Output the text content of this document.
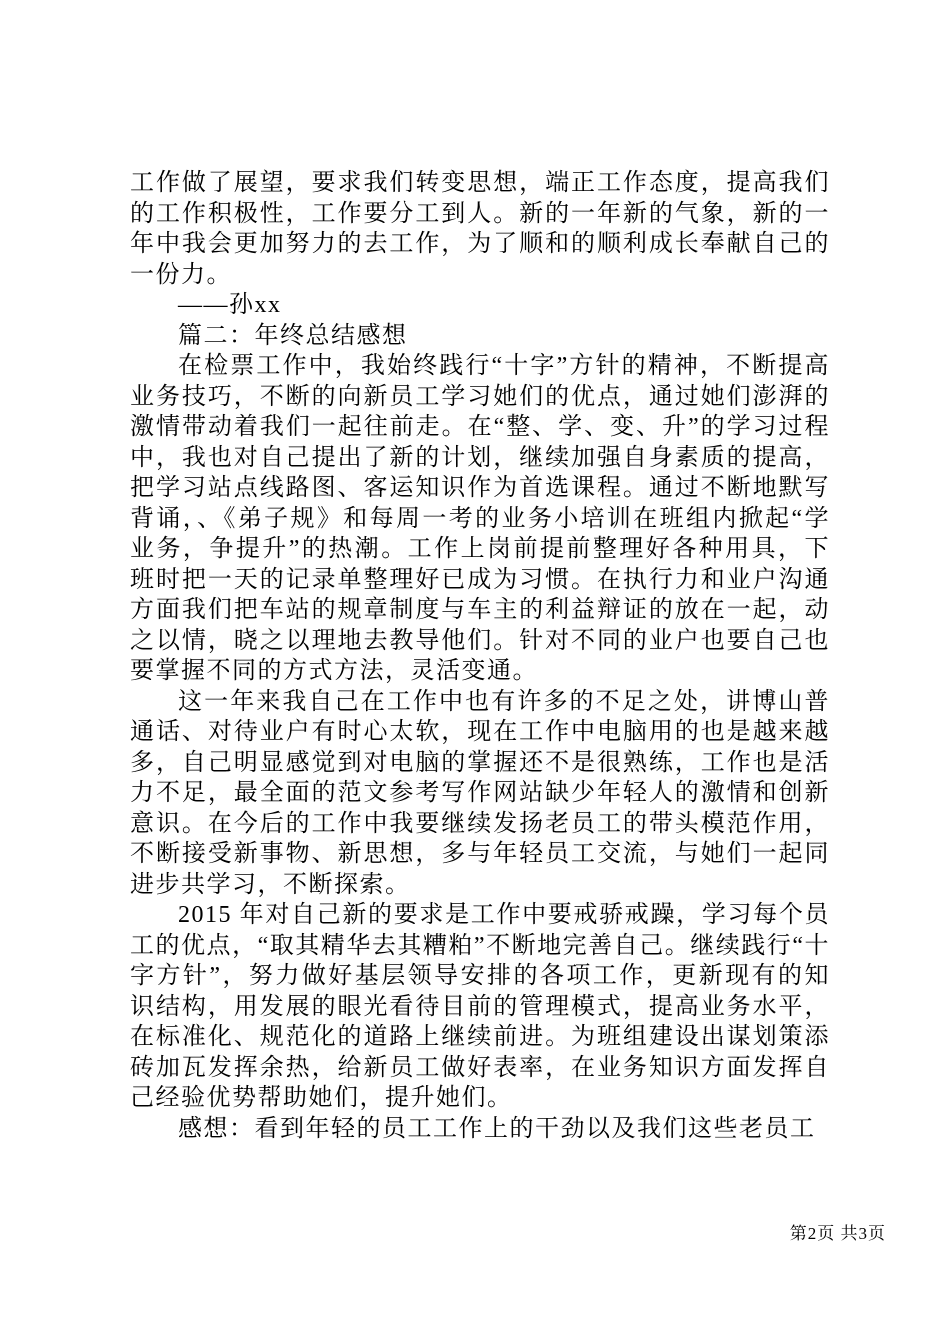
工作做了展望，要求我们转变思想，端正工作态度，提高我们的工作积极性，工作要分工到人。新的一年新的气象，新的一年中我会更加努力的去工作，为了顺和的顺利成长奉献自己的一份力。

——孙xx

篇二：年终总结感想

在检票工作中，我始终践行“十字”方针的精神，不断提高业务技巧，不断的向新员工学习她们的优点，通过她们澎湃的激情带动着我们一起往前走。在“整、学、变、升”的学习过程中，我也对自己提出了新的计划，继续加强自身素质的提高，把学习站点线路图、客运知识作为首选课程。通过不断地默写背诵，、《弟子规》和每周一考的业务小培训在班组内掀起“学业务，争提升”的热潮。工作上岗前提前整理好各种用具，下班时把一天的记录单整理好已成为习惯。在执行力和业户沟通方面我们把车站的规章制度与车主的利益辩证的放在一起，动之以情，晓之以理地去教导他们。针对不同的业户也要自己也要掌握不同的方式方法，灵活变通。

这一年来我自己在工作中也有许多的不足之处，讲博山普通话、对待业户有时心太软，现在工作中电脑用的也是越来越多，自己明显感觉到对电脑的掌握还不是很熟练，工作也是活力不足，最全面的范文参考写作网站缺少年轻人的激情和创新意识。在今后的工作中我要继续发扬老员工的带头模范作用，不断接受新事物、新思想，多与年轻员工交流，与她们一起同进步共学习，不断探索。

2015 年对自己新的要求是工作中要戒骄戒躁，学习每个员工的优点，“取其精华去其糟粕”不断地完善自己。继续践行“十字方针”，努力做好基层领导安排的各项工作，更新现有的知识结构，用发展的眼光看待目前的管理模式，提高业务水平，在标准化、规范化的道路上继续前进。为班组建设出谋划策添砖加瓦发挥余热，给新员工做好表率，在业务知识方面发挥自己经验优势帮助她们，提升她们。

感想：看到年轻的员工工作上的干劲以及我们这些老员工

第2页 共3页
